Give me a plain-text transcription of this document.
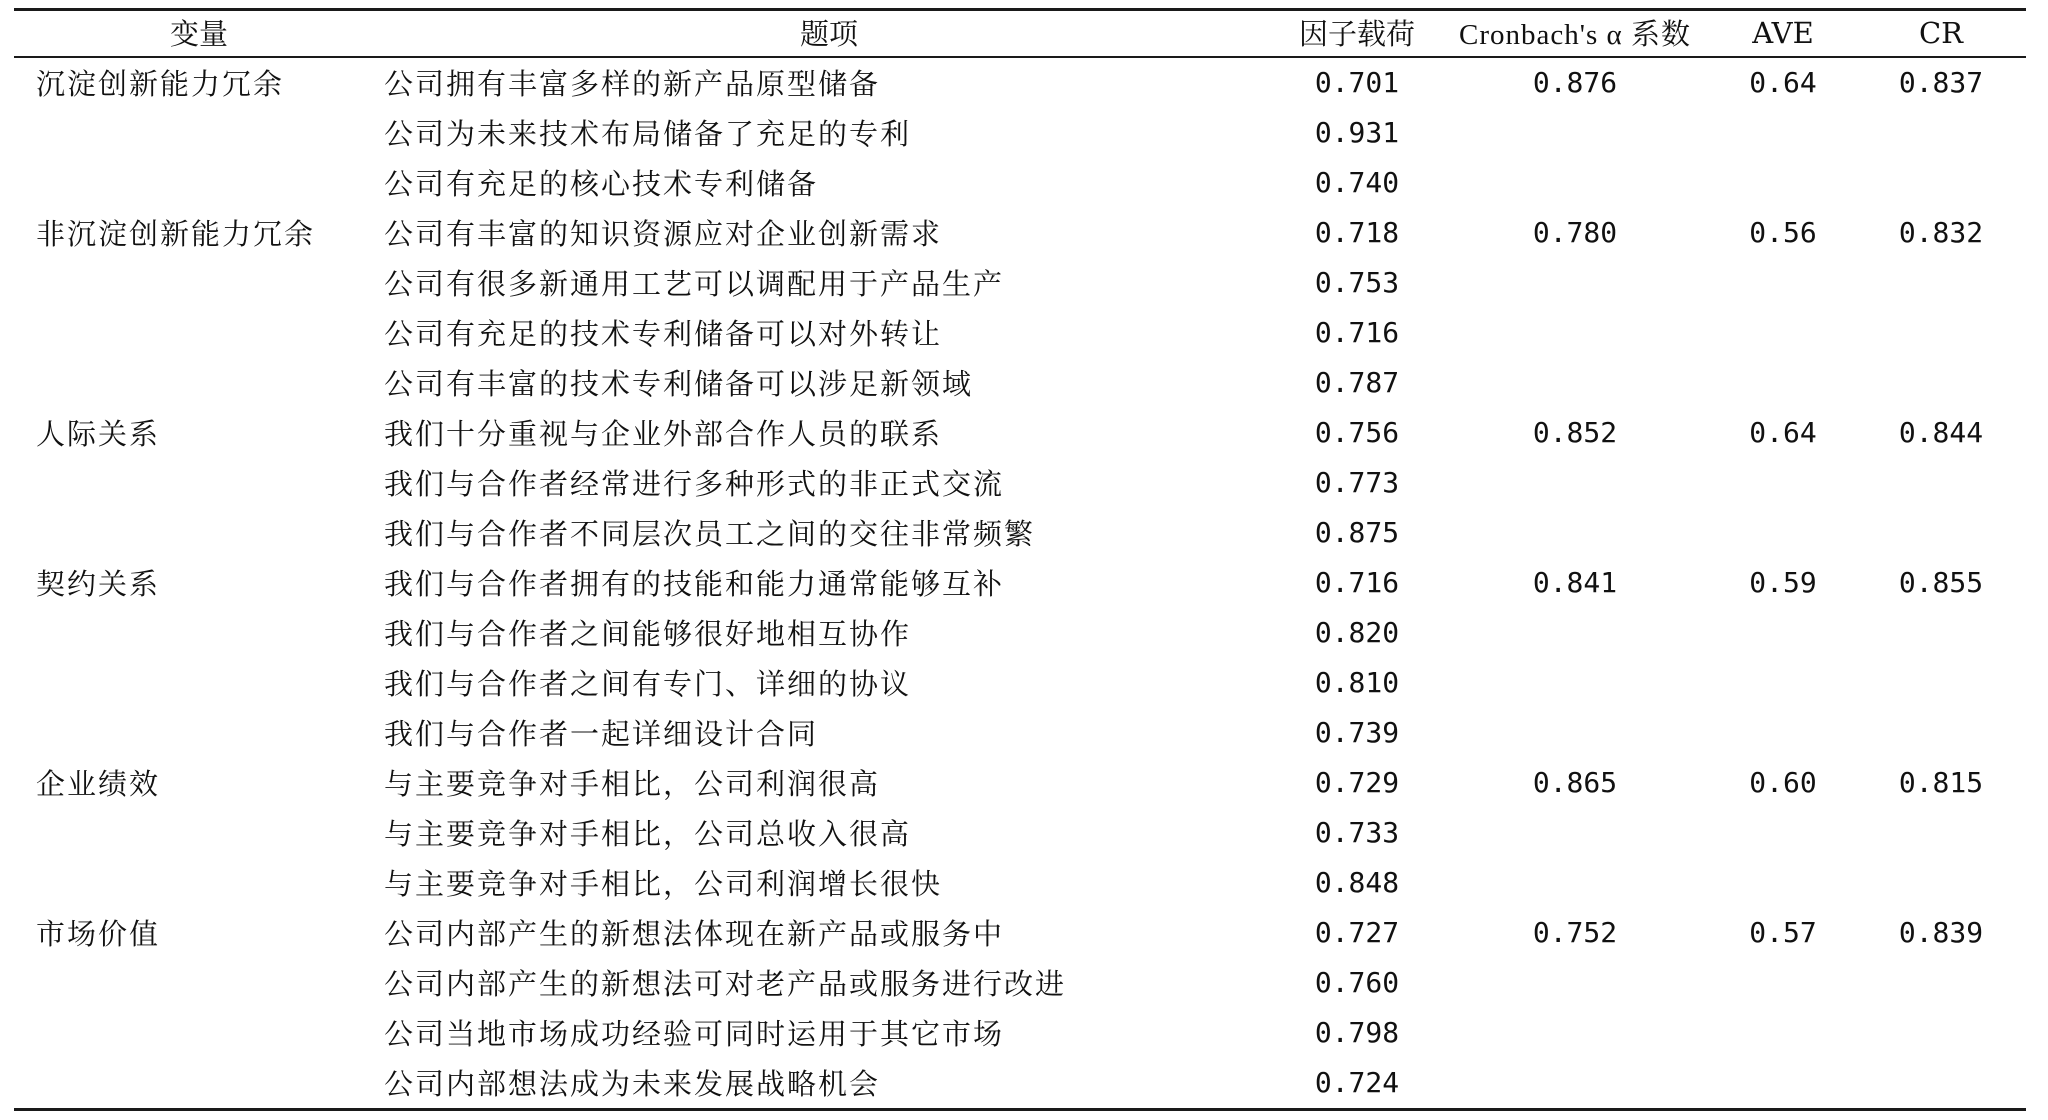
变量	题项	因子载荷	Cronbach's α 系数	AVE	CR
沉淀创新能力冗余	公司拥有丰富多样的新产品原型储备	0.701	0.876	0.64	0.837
	公司为未来技术布局储备了充足的专利	0.931			
	公司有充足的核心技术专利储备	0.740			
非沉淀创新能力冗余	公司有丰富的知识资源应对企业创新需求	0.718	0.780	0.56	0.832
	公司有很多新通用工艺可以调配用于产品生产	0.753			
	公司有充足的技术专利储备可以对外转让	0.716			
	公司有丰富的技术专利储备可以涉足新领域	0.787			
人际关系	我们十分重视与企业外部合作人员的联系	0.756	0.852	0.64	0.844
	我们与合作者经常进行多种形式的非正式交流	0.773			
	我们与合作者不同层次员工之间的交往非常频繁	0.875			
契约关系	我们与合作者拥有的技能和能力通常能够互补	0.716	0.841	0.59	0.855
	我们与合作者之间能够很好地相互协作	0.820			
	我们与合作者之间有专门、详细的协议	0.810			
	我们与合作者一起详细设计合同	0.739			
企业绩效	与主要竞争对手相比，公司利润很高	0.729	0.865	0.60	0.815
	与主要竞争对手相比，公司总收入很高	0.733			
	与主要竞争对手相比，公司利润增长很快	0.848			
市场价值	公司内部产生的新想法体现在新产品或服务中	0.727	0.752	0.57	0.839
	公司内部产生的新想法可对老产品或服务进行改进	0.760			
	公司当地市场成功经验可同时运用于其它市场	0.798			
	公司内部想法成为未来发展战略机会	0.724			
